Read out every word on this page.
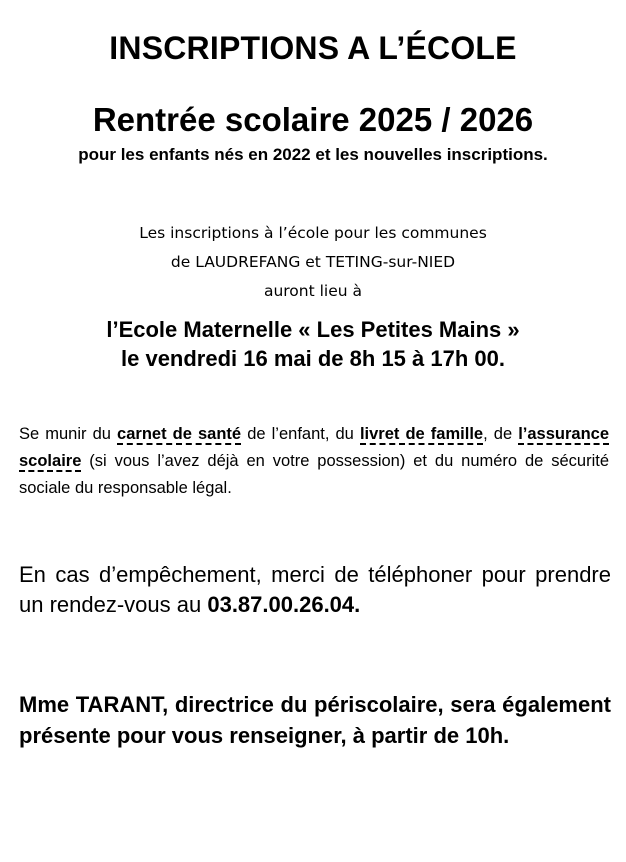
INSCRIPTIONS A L’ÉCOLE
Rentrée scolaire 2025 / 2026
pour les enfants nés en 2022 et les nouvelles inscriptions.
Les inscriptions à l’école pour les communes
de LAUDREFANG et TETING-sur-NIED
auront lieu à
l’Ecole Maternelle « Les Petites Mains »
le vendredi 16 mai de 8h 15 à 17h 00.
Se munir du carnet de santé de l’enfant, du livret de famille, de l’assurance scolaire (si vous l’avez déjà en votre possession) et du numéro de sécurité sociale du responsable légal.
En cas d’empêchement, merci de téléphoner pour prendre un rendez-vous au 03.87.00.26.04.
Mme TARANT, directrice du périscolaire, sera également présente pour vous renseigner, à partir de 10h.
